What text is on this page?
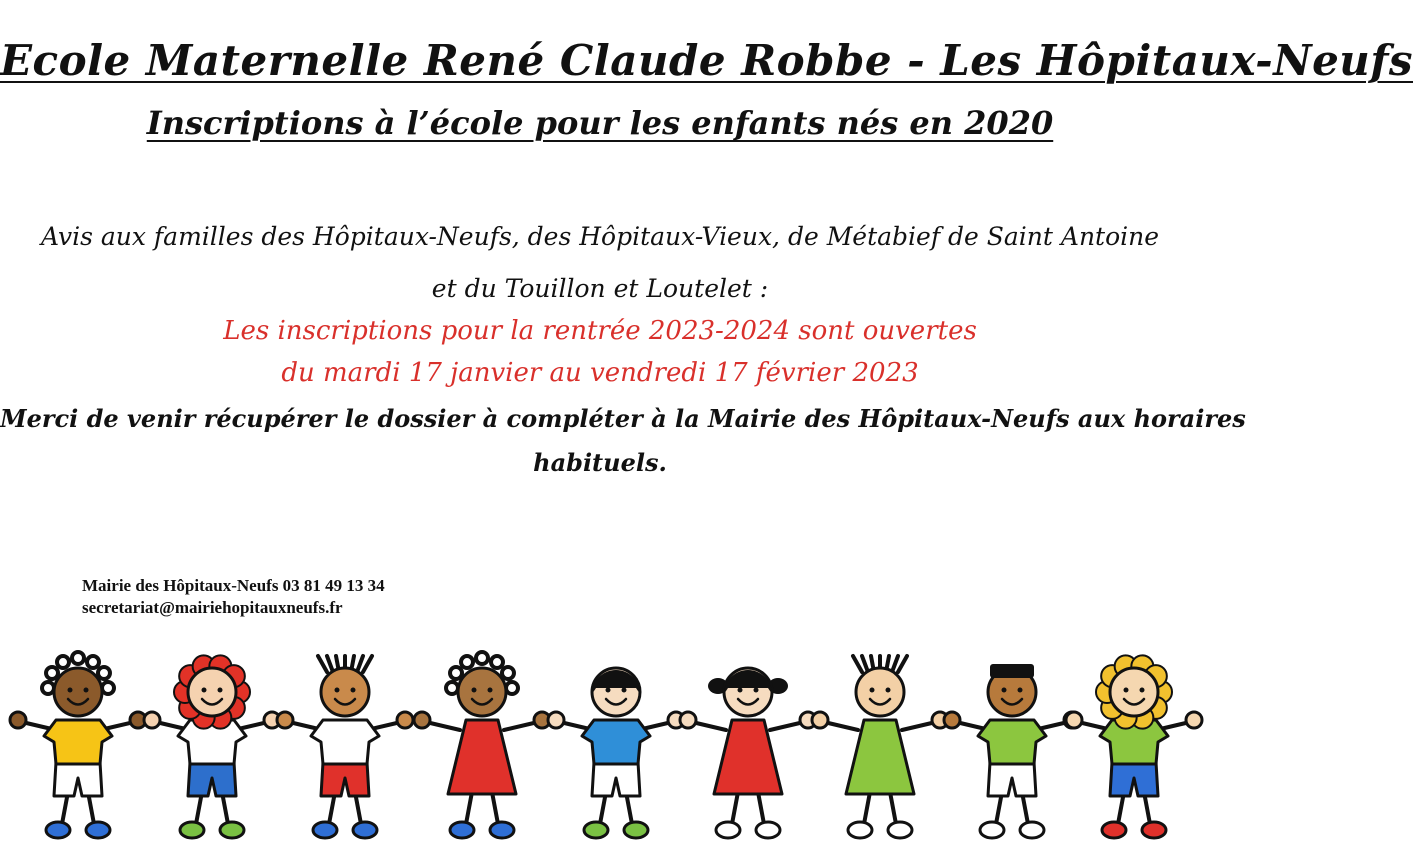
Ecole Maternelle René Claude Robbe - Les Hôpitaux-Neufs
Inscriptions à l’école pour les enfants nés en 2020
Avis aux familles des Hôpitaux-Neufs, des Hôpitaux-Vieux, de Métabief de Saint Antoine
et du Touillon et Loutelet :
Les inscriptions pour la rentrée 2023-2024 sont ouvertes
du mardi 17 janvier au vendredi 17 février 2023
Merci de venir récupérer le dossier à compléter à la Mairie des Hôpitaux-Neufs aux horaires
habituels.
Mairie des Hôpitaux-Neufs 03 81 49 13 34
secretariat@mairiehopitauxneufs.fr
